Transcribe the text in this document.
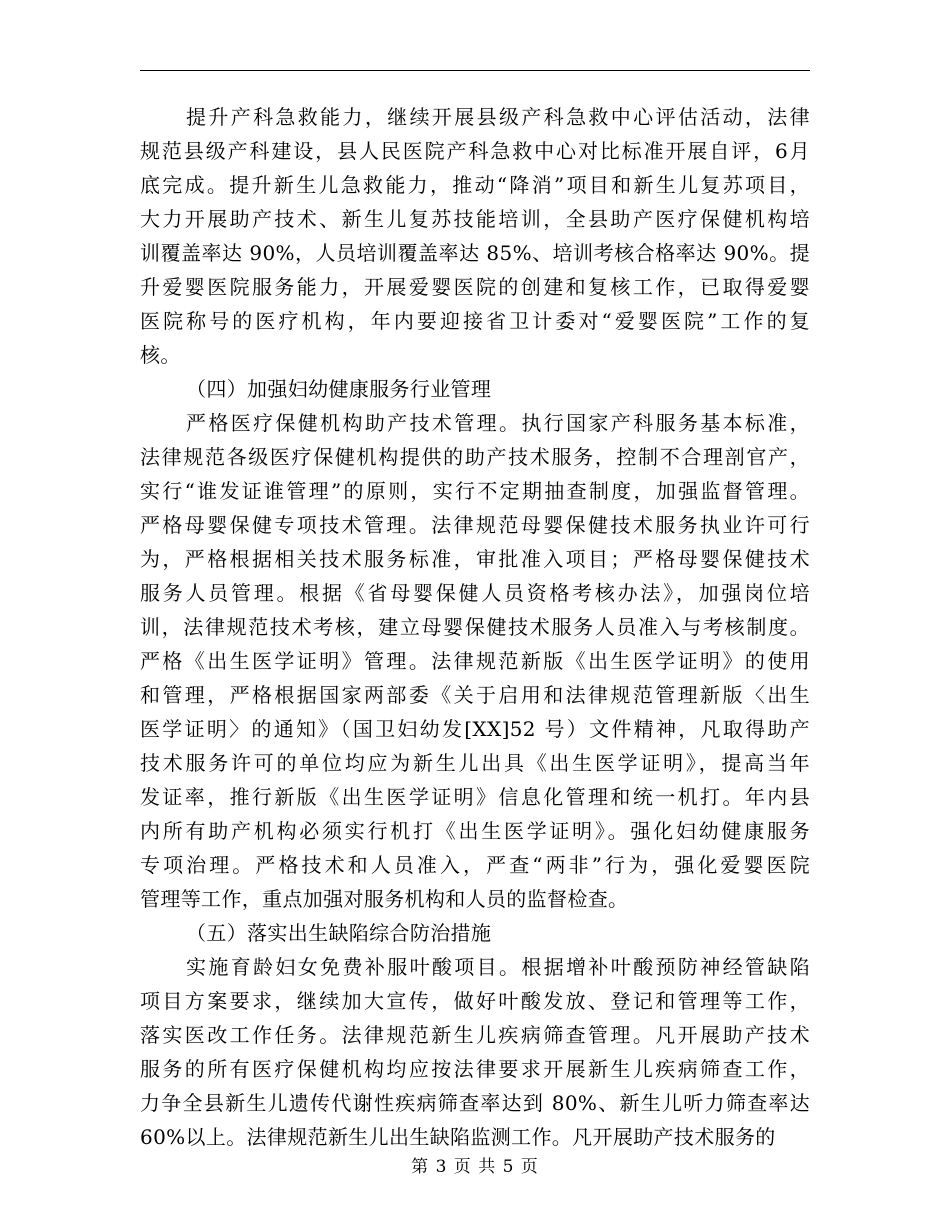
提升产科急救能力，继续开展县级产科急救中心评估活动，法律
规范县级产科建设，县人民医院产科急救中心对比标准开展自评，6月
底完成。提升新生儿急救能力，推动“降消”项目和新生儿复苏项目，
大力开展助产技术、新生儿复苏技能培训，全县助产医疗保健机构培
训覆盖率达 90%，人员培训覆盖率达 85%、培训考核合格率达 90%。提
升爱婴医院服务能力，开展爱婴医院的创建和复核工作，已取得爱婴
医院称号的医疗机构，年内要迎接省卫计委对“爱婴医院”工作的复
核。
（四）加强妇幼健康服务行业管理
严格医疗保健机构助产技术管理。执行国家产科服务基本标准，
法律规范各级医疗保健机构提供的助产技术服务，控制不合理剖官产，
实行“谁发证谁管理”的原则，实行不定期抽查制度，加强监督管理。
严格母婴保健专项技术管理。法律规范母婴保健技术服务执业许可行
为，严格根据相关技术服务标准，审批准入项目；严格母婴保健技术
服务人员管理。根据《省母婴保健人员资格考核办法》，加强岗位培
训，法律规范技术考核，建立母婴保健技术服务人员准入与考核制度。
严格《出生医学证明》管理。法律规范新版《出生医学证明》的使用
和管理，严格根据国家两部委《关于启用和法律规范管理新版〈出生
医学证明〉的通知》（国卫妇幼发[XX]52 号）文件精神，凡取得助产
技术服务许可的单位均应为新生儿出具《出生医学证明》，提高当年
发证率，推行新版《出生医学证明》信息化管理和统一机打。年内县
内所有助产机构必须实行机打《出生医学证明》。强化妇幼健康服务
专项治理。严格技术和人员准入，严查“两非”行为，强化爱婴医院
管理等工作，重点加强对服务机构和人员的监督检查。
（五）落实出生缺陷综合防治措施
实施育龄妇女免费补服叶酸项目。根据增补叶酸预防神经管缺陷
项目方案要求，继续加大宣传，做好叶酸发放、登记和管理等工作，
落实医改工作任务。法律规范新生儿疾病筛查管理。凡开展助产技术
服务的所有医疗保健机构均应按法律要求开展新生儿疾病筛查工作，
力争全县新生儿遗传代谢性疾病筛查率达到 80%、新生儿听力筛查率达
60%以上。法律规范新生儿出生缺陷监测工作。凡开展助产技术服务的
第 3 页 共 5 页
